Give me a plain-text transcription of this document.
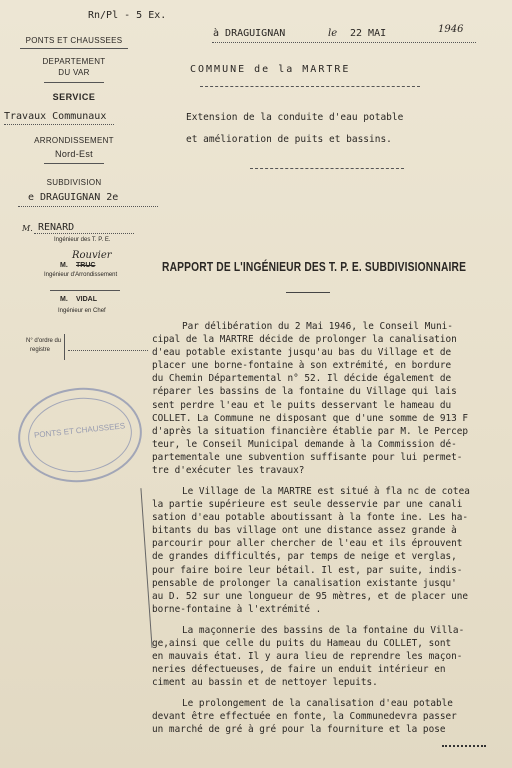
Rn/Pl - 5 Ex.
à DRAGUIGNAN	le 22 MAI	1946
PONTS ET CHAUSSEES
DEPARTEMENT
DU VAR
SERVICE
Travaux Communaux
ARRONDISSEMENT
Nord-Est
SUBDIVISION
e DRAGUIGNAN 2e
M. RENARD
Ingénieur des T. P. E.
Rouvier
M. TRUC
Ingénieur d'Arrondissement
M. VIDAL
Ingénieur en Chef
N° d'ordre du
registre
PONTS ET CHAUSSEES
COMMUNE de la MARTRE
Extension de la conduite d'eau potable
et amélioration de puits et bassins.
RAPPORT DE L'INGÉNIEUR DES T. P. E. SUBDIVISIONNAIRE
Par délibération du 2 Mai 1946, le Conseil Muni-
cipal de la MARTRE décide de prolonger la canalisation
d'eau potable existante jusqu'au bas du Village et de
placer une borne-fontaine à son extrémité, en bordure
du Chemin Départemental n° 52. Il décide également de
réparer les bassins de la fontaine du Village qui lais
sent perdre l'eau et le puits desservant le hameau du
COLLET. La Commune ne disposant que d'une somme de 913 F
d'après la situation financière établie par M. le Percep
teur, le Conseil Municipal demande à la Commission dé-
partementale une subvention suffisante pour lui permet-
tre d'exécuter les travaux?
Le Village de la MARTRE est situé à fla nc de cotea
la partie supérieure est seule desservie par une canali
sation d'eau potable aboutissant à la fonte ine. Les ha-
bitants du bas village ont une distance assez grande à
parcourir pour aller chercher de l'eau et ils éprouvent
de grandes difficultés, par temps de neige et verglas,
pour faire boire leur bétail. Il est, par suite, indis-
pensable de prolonger la canalisation existante jusqu'
au D. 52 sur une longueur de 95 mètres, et de placer une
borne-fontaine à l'extrémité .
La maçonnerie des bassins de la fontaine du Villa-
ge,ainsi que celle du puits du Hameau du COLLET, sont
en mauvais état. Il y aura lieu de reprendre les maçon-
neries défectueuses, de faire un enduit intérieur en
ciment au bassin et de nettoyer lepuits.
Le prolongement de la canalisation d'eau potable
devant être effectuée en fonte, la Communedevra passer
un marché de gré à gré pour la fourniture et la pose
